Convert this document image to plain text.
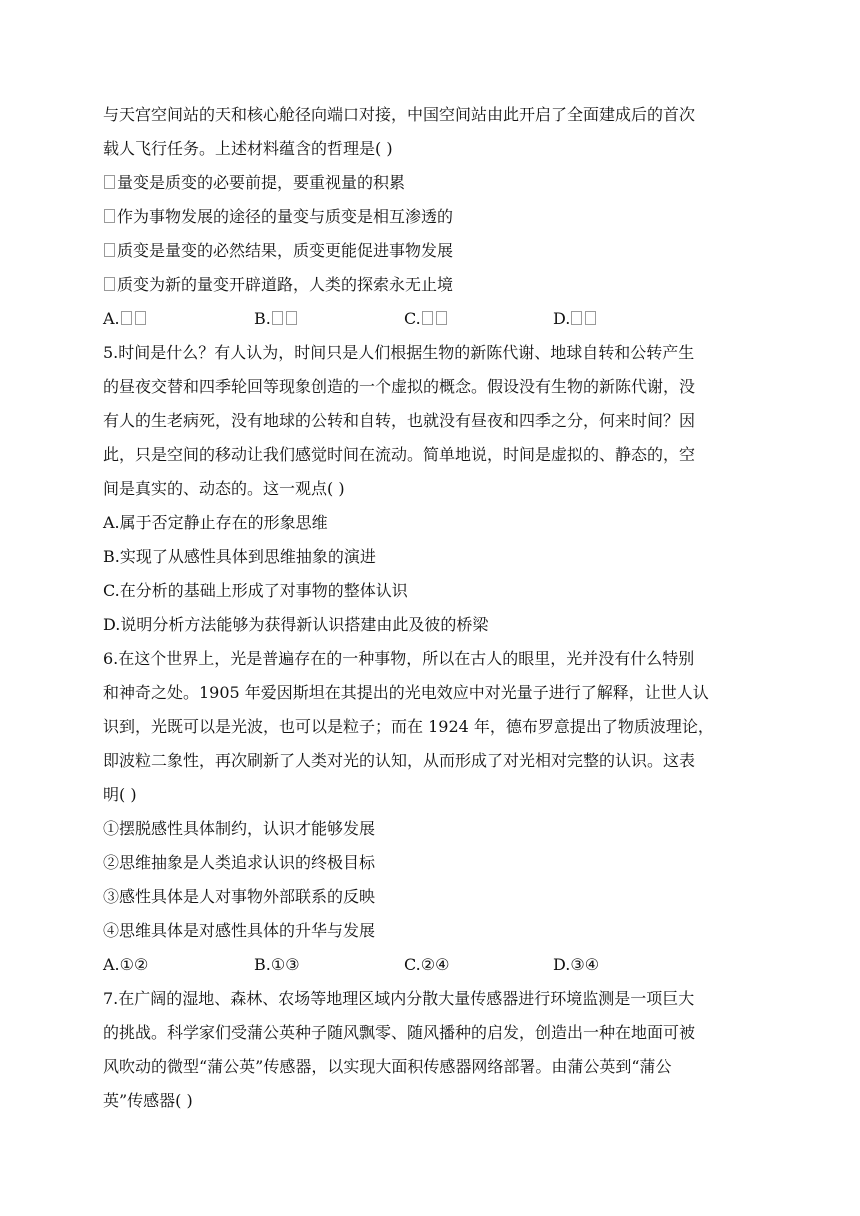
与天宫空间站的天和核心舱径向端口对接，中国空间站由此开启了全面建成后的首次
载人飞行任务。上述材料蕴含的哲理是( )
量变是质变的必要前提，要重视量的积累
作为事物发展的途径的量变与质变是相互渗透的
质变是量变的必然结果，质变更能促进事物发展
质变为新的量变开辟道路，人类的探索永无止境
A.	B.	C.	D.
5.时间是什么？有人认为，时间只是人们根据生物的新陈代谢、地球自转和公转产生
的昼夜交替和四季轮回等现象创造的一个虚拟的概念。假设没有生物的新陈代谢，没
有人的生老病死，没有地球的公转和自转，也就没有昼夜和四季之分，何来时间？因
此，只是空间的移动让我们感觉时间在流动。简单地说，时间是虚拟的、静态的，空
间是真实的、动态的。这一观点( )
A.属于否定静止存在的形象思维
B.实现了从感性具体到思维抽象的演进
C.在分析的基础上形成了对事物的整体认识
D.说明分析方法能够为获得新认识搭建由此及彼的桥梁
6.在这个世界上，光是普遍存在的一种事物，所以在古人的眼里，光并没有什么特别
和神奇之处。1905 年爱因斯坦在其提出的光电效应中对光量子进行了解释，让世人认
识到，光既可以是光波，也可以是粒子；而在 1924 年，德布罗意提出了物质波理论，
即波粒二象性，再次刷新了人类对光的认知，从而形成了对光相对完整的认识。这表
明( )
①摆脱感性具体制约，认识才能够发展
②思维抽象是人类追求认识的终极目标
③感性具体是人对事物外部联系的反映
④思维具体是对感性具体的升华与发展
A.①②	B.①③	C.②④	D.③④
7.在广阔的湿地、森林、农场等地理区域内分散大量传感器进行环境监测是一项巨大
的挑战。科学家们受蒲公英种子随风飘零、随风播种的启发，创造出一种在地面可被
风吹动的微型“蒲公英”传感器，以实现大面积传感器网络部署。由蒲公英到“蒲公
英”传感器( )
